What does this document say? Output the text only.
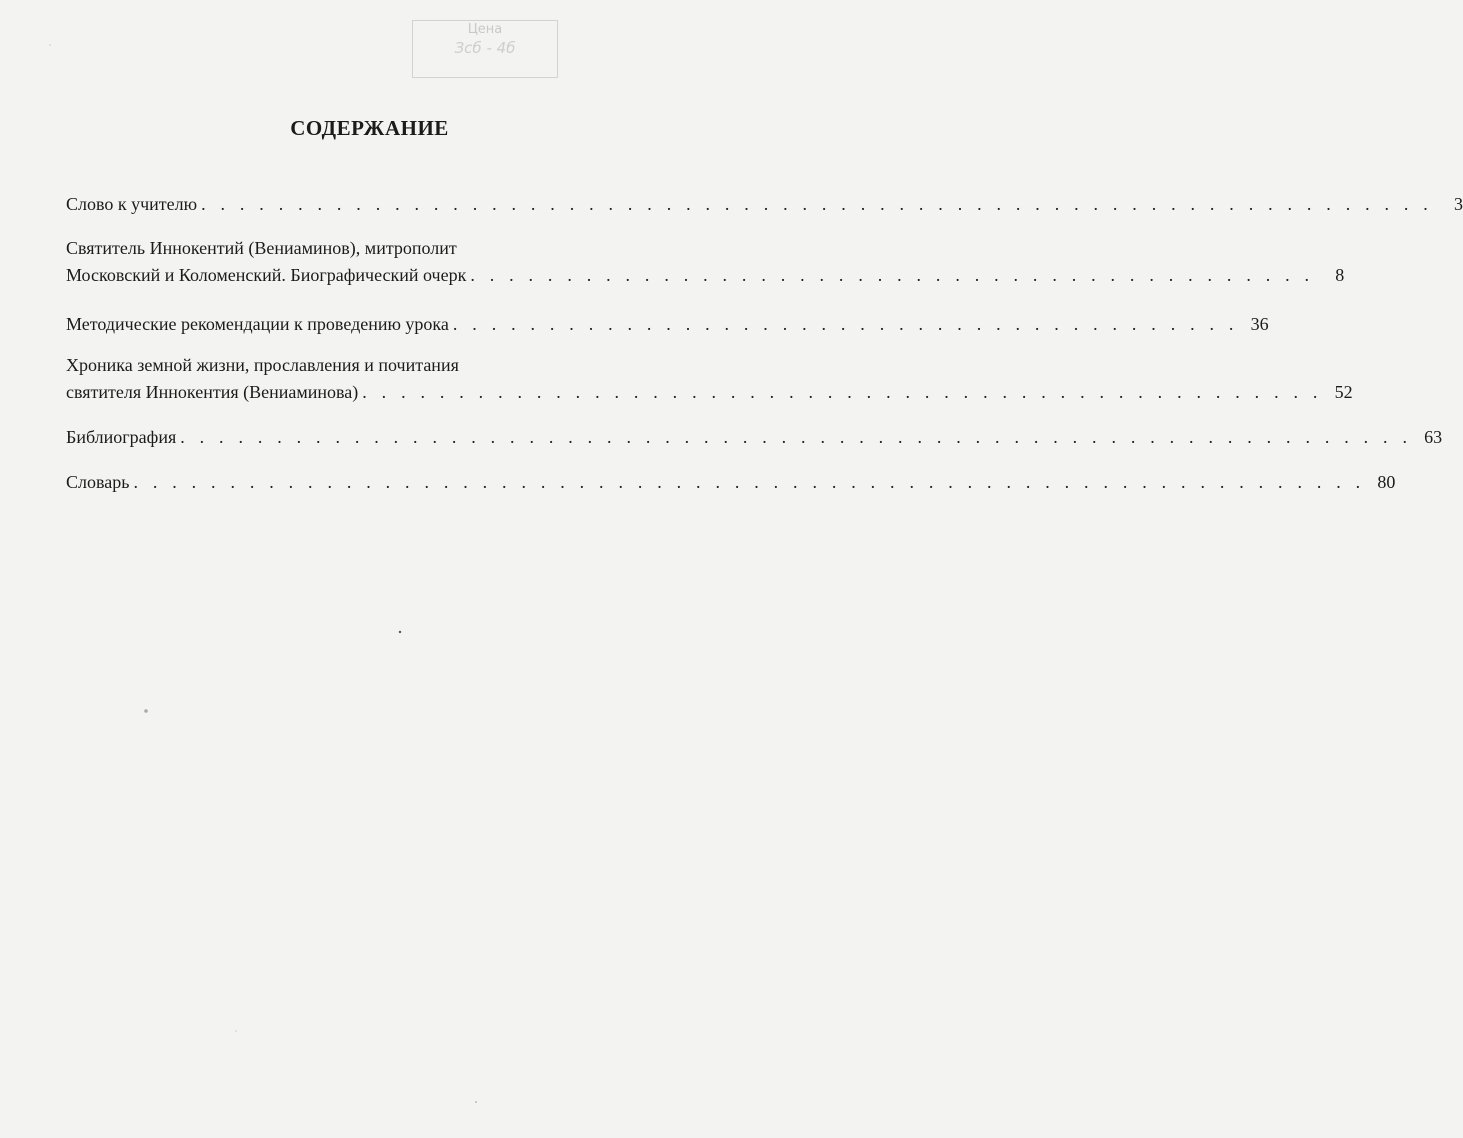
Цена
Зсб - 4б
СОДЕРЖАНИЕ
Слово к учителю . . . . . . . . . . . . . . . . . . . . . . . . . . . . . . . . . . . . . . . . . . . . . . . . . . . . . . . . . . . . . . . .	3
Святитель Иннокентий (Вениаминов), митрополит
Московский и Коломенский. Биографический очерк . . . . . . . . . . . . . . . . . . . . . . . . . . . . . . . . . . . . . . . . . . . .	8
Методические рекомендации к проведению урока . . . . . . . . . . . . . . . . . . . . . . . . . . . . . . . . . . . . . . . . . 36
Хроника земной жизни, прославления и почитания
святителя Иннокентия (Вениаминова) . . . . . . . . . . . . . . . . . . . . . . . . . . . . . . . . . . . . . . . . . . . . . . . . . . 52
Библиография . . . . . . . . . . . . . . . . . . . . . . . . . . . . . . . . . . . . . . . . . . . . . . . . . . . . . . . . . . . . . . . . 63
Словарь . . . . . . . . . . . . . . . . . . . . . . . . . . . . . . . . . . . . . . . . . . . . . . . . . . . . . . . . . . . . . . . . 80
